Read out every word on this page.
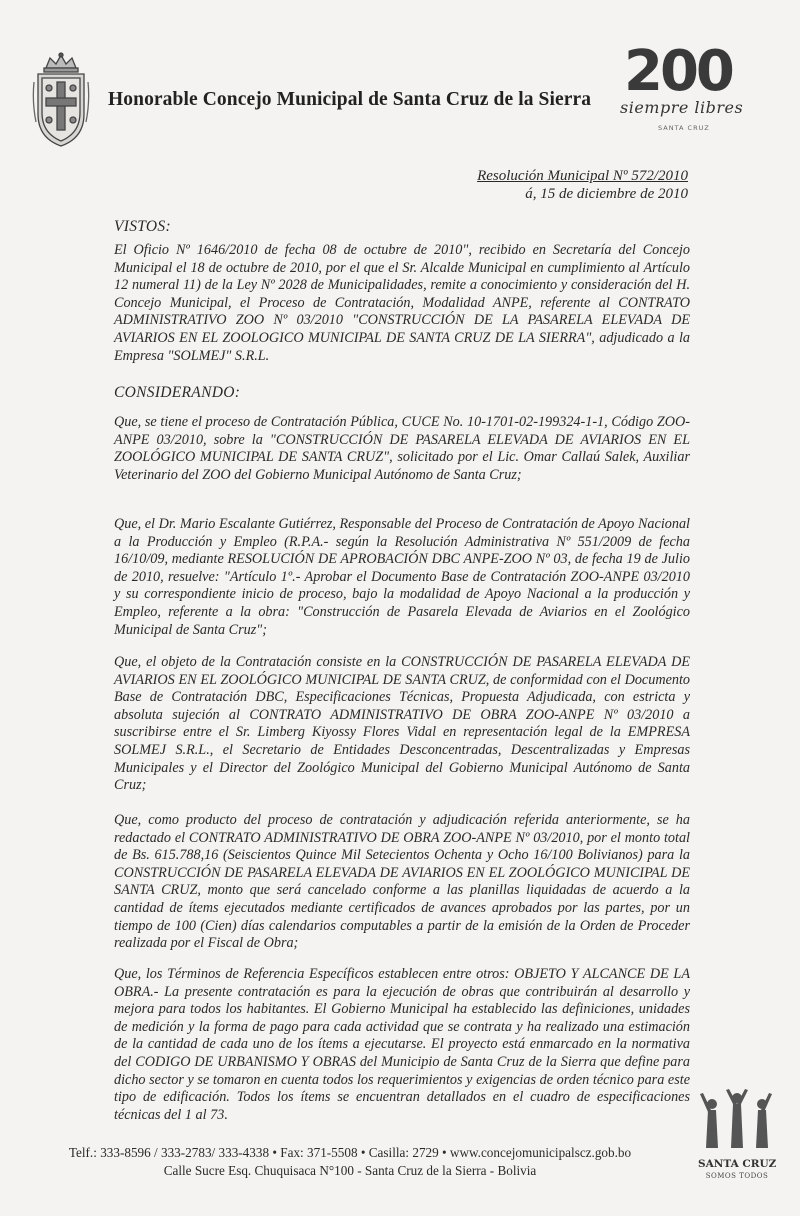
Honorable Concejo Municipal de Santa Cruz de la Sierra 200
siempre libres
SANTA CRUZ
Resolución Municipal Nº 572/2010
á, 15 de diciembre de 2010
VISTOS:

El Oficio Nº 1646/2010 de fecha 08 de octubre de 2010", recibido en Secretaría del Concejo Municipal el 18 de octubre de 2010, por el que el Sr. Alcalde Municipal en cumplimiento al Artículo 12 numeral 11) de la Ley Nº 2028 de Municipalidades, remite a conocimiento y consideración del H. Concejo Municipal, el Proceso de Contratación, Modalidad ANPE, referente al CONTRATO ADMINISTRATIVO ZOO Nº 03/2010 "CONSTRUCCIÓN DE LA PASARELA ELEVADA DE AVIARIOS EN EL ZOOLOGICO MUNICIPAL DE SANTA CRUZ DE LA SIERRA", adjudicado a la Empresa "SOLMEJ" S.R.L.

CONSIDERANDO:

Que, se tiene el proceso de Contratación Pública, CUCE No. 10-1701-02-199324-1-1, Código ZOO-ANPE 03/2010, sobre la "CONSTRUCCIÓN DE PASARELA ELEVADA DE AVIARIOS EN EL ZOOLÓGICO MUNICIPAL DE SANTA CRUZ", solicitado por el Lic. Omar Callaú Salek, Auxiliar Veterinario del ZOO del Gobierno Municipal Autónomo de Santa Cruz;

Que, el Dr. Mario Escalante Gutiérrez, Responsable del Proceso de Contratación de Apoyo Nacional a la Producción y Empleo (R.P.A.- según la Resolución Administrativa Nº 551/2009 de fecha 16/10/09, mediante RESOLUCIÓN DE APROBACIÓN DBC ANPE-ZOO Nº 03, de fecha 19 de Julio de 2010, resuelve: "Artículo 1º.- Aprobar el Documento Base de Contratación ZOO-ANPE 03/2010 y su correspondiente inicio de proceso, bajo la modalidad de Apoyo Nacional a la producción y Empleo, referente a la obra: "Construcción de Pasarela Elevada de Aviarios en el Zoológico Municipal de Santa Cruz";

Que, el objeto de la Contratación consiste en la CONSTRUCCIÓN DE PASARELA ELEVADA DE AVIARIOS EN EL ZOOLÓGICO MUNICIPAL DE SANTA CRUZ, de conformidad con el Documento Base de Contratación DBC, Especificaciones Técnicas, Propuesta Adjudicada, con estricta y absoluta sujeción al CONTRATO ADMINISTRATIVO DE OBRA ZOO-ANPE Nº 03/2010 a suscribirse entre el Sr. Limberg Kiyossy Flores Vidal en representación legal de la EMPRESA SOLMEJ S.R.L., el Secretario de Entidades Desconcentradas, Descentralizadas y Empresas Municipales y el Director del Zoológico Municipal del Gobierno Municipal Autónomo de Santa Cruz;

Que, como producto del proceso de contratación y adjudicación referida anteriormente, se ha redactado el CONTRATO ADMINISTRATIVO DE OBRA ZOO-ANPE Nº 03/2010, por el monto total de Bs. 615.788,16 (Seiscientos Quince Mil Setecientos Ochenta y Ocho 16/100 Bolivianos) para la CONSTRUCCIÓN DE PASARELA ELEVADA DE AVIARIOS EN EL ZOOLÓGICO MUNICIPAL DE SANTA CRUZ, monto que será cancelado conforme a las planillas liquidadas de acuerdo a la cantidad de ítems ejecutados mediante certificados de avances aprobados por las partes, por un tiempo de 100 (Cien) días calendarios computables a partir de la emisión de la Orden de Proceder realizada por el Fiscal de Obra;

Que, los Términos de Referencia Específicos establecen entre otros: OBJETO Y ALCANCE DE LA OBRA.- La presente contratación es para la ejecución de obras que contribuirán al desarrollo y mejora para todos los habitantes. El Gobierno Municipal ha establecido las definiciones, unidades de medición y la forma de pago para cada actividad que se contrata y ha realizado una estimación de la cantidad de cada uno de los ítems a ejecutarse. El proyecto está enmarcado en la normativa del CODIGO DE URBANISMO Y OBRAS del Municipio de Santa Cruz de la Sierra que define para dicho sector y se tomaron en cuenta todos los requerimientos y exigencias de orden técnico para este tipo de edificación. Todos los ítems se encuentran detallados en el cuadro de especificaciones técnicas del 1 al 73.

Telf.: 333-8596 / 333-2783/ 333-4338 • Fax: 371-5508 • Casilla: 2729 • www.concejomunicipalscz.gob.bo
Calle Sucre Esq. Chuquisaca N°100 - Santa Cruz de la Sierra - Bolivia	SANTA CRUZ
SOMOS TODOS
